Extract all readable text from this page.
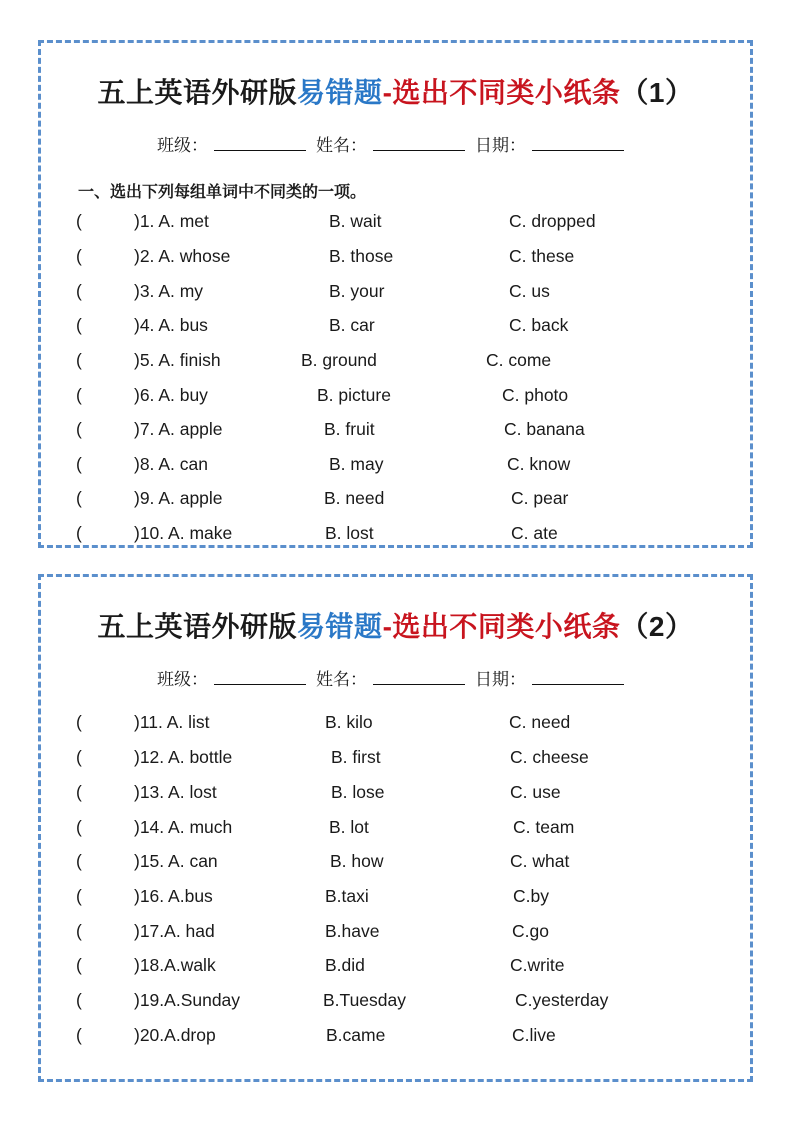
五上英语外研版易错题-选出不同类小纸条（1）
班级：	姓名：	日期：
一、选出下列每组单词中不同类的一项。
(	)1. A. met	B. wait	C. dropped
(	)2. A. whose	B. those	C. these
(	)3. A. my	B. your	C. us
(	)4. A. bus	B. car	C. back
(	)5. A. finish	B. ground	C. come
(	)6. A. buy	B. picture	C. photo
(	)7. A. apple	B. fruit	C. banana
(	)8. A. can	B. may	C. know
(	)9. A. apple	B. need	C. pear
(	)10. A. make	B. lost	C. ate
五上英语外研版易错题-选出不同类小纸条（2）
班级：	姓名：	日期：
(	)11. A. list	B. kilo	C. need
(	)12. A. bottle	B. first	C. cheese
(	)13. A. lost	B. lose	C. use
(	)14. A. much	B. lot	C. team
(	)15. A. can	B. how	C. what
(	)16. A.bus	B.taxi	C.by
(	)17.A. had	B.have	C.go
(	)18.A.walk	B.did	C.write
(	)19.A.Sunday	B.Tuesday	C.yesterday
(	)20.A.drop	B.came	C.live
